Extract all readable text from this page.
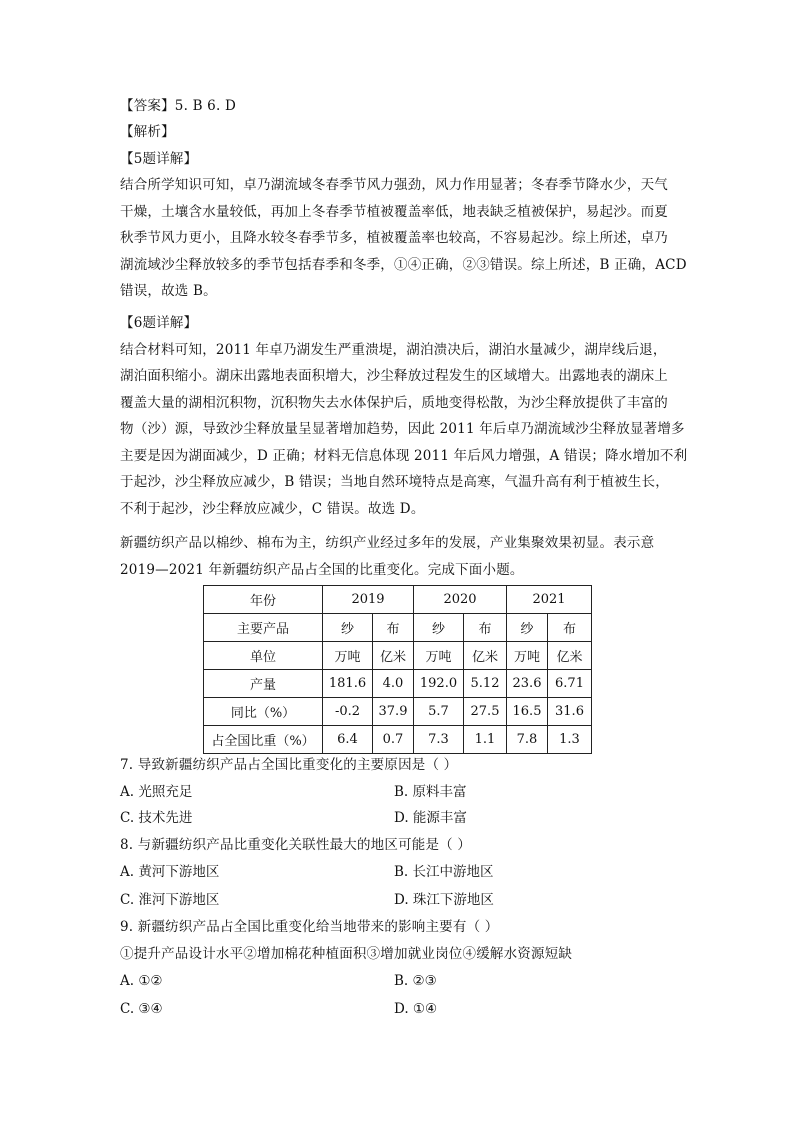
【答案】5. B 6. D
【解析】
【5题详解】
结合所学知识可知，卓乃湖流域冬春季节风力强劲，风力作用显著；冬春季节降水少，天气
干燥，土壤含水量较低，再加上冬春季节植被覆盖率低，地表缺乏植被保护，易起沙。而夏
秋季节风力更小，且降水较冬春季节多，植被覆盖率也较高，不容易起沙。综上所述，卓乃
湖流域沙尘释放较多的季节包括春季和冬季，①④正确，②③错误。综上所述，B 正确，ACD
错误，故选 B。
【6题详解】
结合材料可知，2011 年卓乃湖发生严重溃堤，湖泊溃决后，湖泊水量减少，湖岸线后退，
湖泊面积缩小。湖床出露地表面积增大，沙尘释放过程发生的区域增大。出露地表的湖床上
覆盖大量的湖相沉积物，沉积物失去水体保护后，质地变得松散，为沙尘释放提供了丰富的
物（沙）源，导致沙尘释放量呈显著增加趋势，因此 2011 年后卓乃湖流域沙尘释放显著增多
主要是因为湖面减少，D 正确；材料无信息体现 2011 年后风力增强，A 错误；降水增加不利
于起沙，沙尘释放应减少，B 错误；当地自然环境特点是高寒，气温升高有利于植被生长，
不利于起沙，沙尘释放应减少，C 错误。故选 D。
新疆纺织产品以棉纱、棉布为主，纺织产业经过多年的发展，产业集聚效果初显。表示意
2019—2021 年新疆纺织产品占全国的比重变化。完成下面小题。
年份	2019		2020		2021	
主要产品	纱	布	纱	布	纱	布
单位	万吨	亿米	万吨	亿米	万吨	亿米
产量	181.6	4.0	192.0	5.12	23.6	6.71
同比（%）	-0.2	37.9	5.7	27.5	16.5	31.6
占全国比重（%）	6.4	0.7	7.3	1.1	7.8	1.3
7. 导致新疆纺织产品占全国比重变化的主要原因是（ ）
A. 光照充足	B. 原料丰富
C. 技术先进	D. 能源丰富
8. 与新疆纺织产品比重变化关联性最大的地区可能是（ ）
A. 黄河下游地区	B. 长江中游地区
C. 淮河下游地区	D. 珠江下游地区
9. 新疆纺织产品占全国比重变化给当地带来的影响主要有（ ）
①提升产品设计水平②增加棉花种植面积③增加就业岗位④缓解水资源短缺
A. ①②	B. ②③
C. ③④	D. ①④
